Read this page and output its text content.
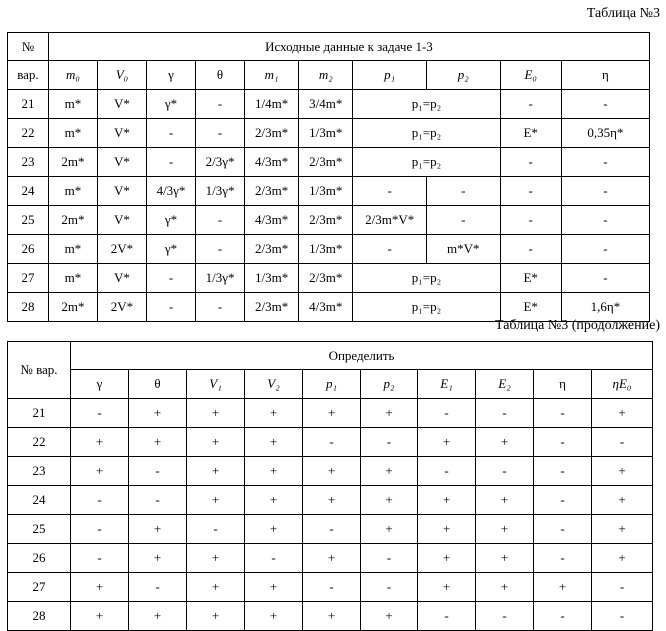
Таблица №3
№	Исходные данные к задаче 1-3									
вар.	m₀	V₀	γ	θ	m₁	m₂	p₁	p₂	E₀	η
21	m*	V*	γ*	-	1/4m*	3/4m*	p₁=p₂		-	-
22	m*	V*	-	-	2/3m*	1/3m*	p₁=p₂		E*	0,35η*
23	2m*	V*	-	2/3γ*	4/3m*	2/3m*	p₁=p₂		-	-
24	m*	V*	4/3γ*	1/3γ*	2/3m*	1/3m*	-	-	-	-
25	2m*	V*	γ*	-	4/3m*	2/3m*	2/3m*V*	-	-	-
26	m*	2V*	γ*	-	2/3m*	1/3m*	-	m*V*	-	-
27	m*	V*	-	1/3γ*	1/3m*	2/3m*	p₁=p₂		E*	-
28	2m*	2V*	-	-	2/3m*	4/3m*	p₁=p₂		E*	1,6η*
Таблица №3 (продолжение)
№ вар.	Определить									
	γ	θ	V₁	V₂	p₁	p₂	E₁	E₂	η	ηE₀
21	-	+	+	+	+	+	-	-	-	+
22	+	+	+	+	-	-	+	+	-	-
23	+	-	+	+	+	+	-	-	-	+
24	-	-	+	+	+	+	+	+	-	+
25	-	+	-	+	-	+	+	+	-	+
26	-	+	+	-	+	-	+	+	-	+
27	+	-	+	+	-	-	+	+	+	-
28	+	+	+	+	+	+	-	-	-	-
